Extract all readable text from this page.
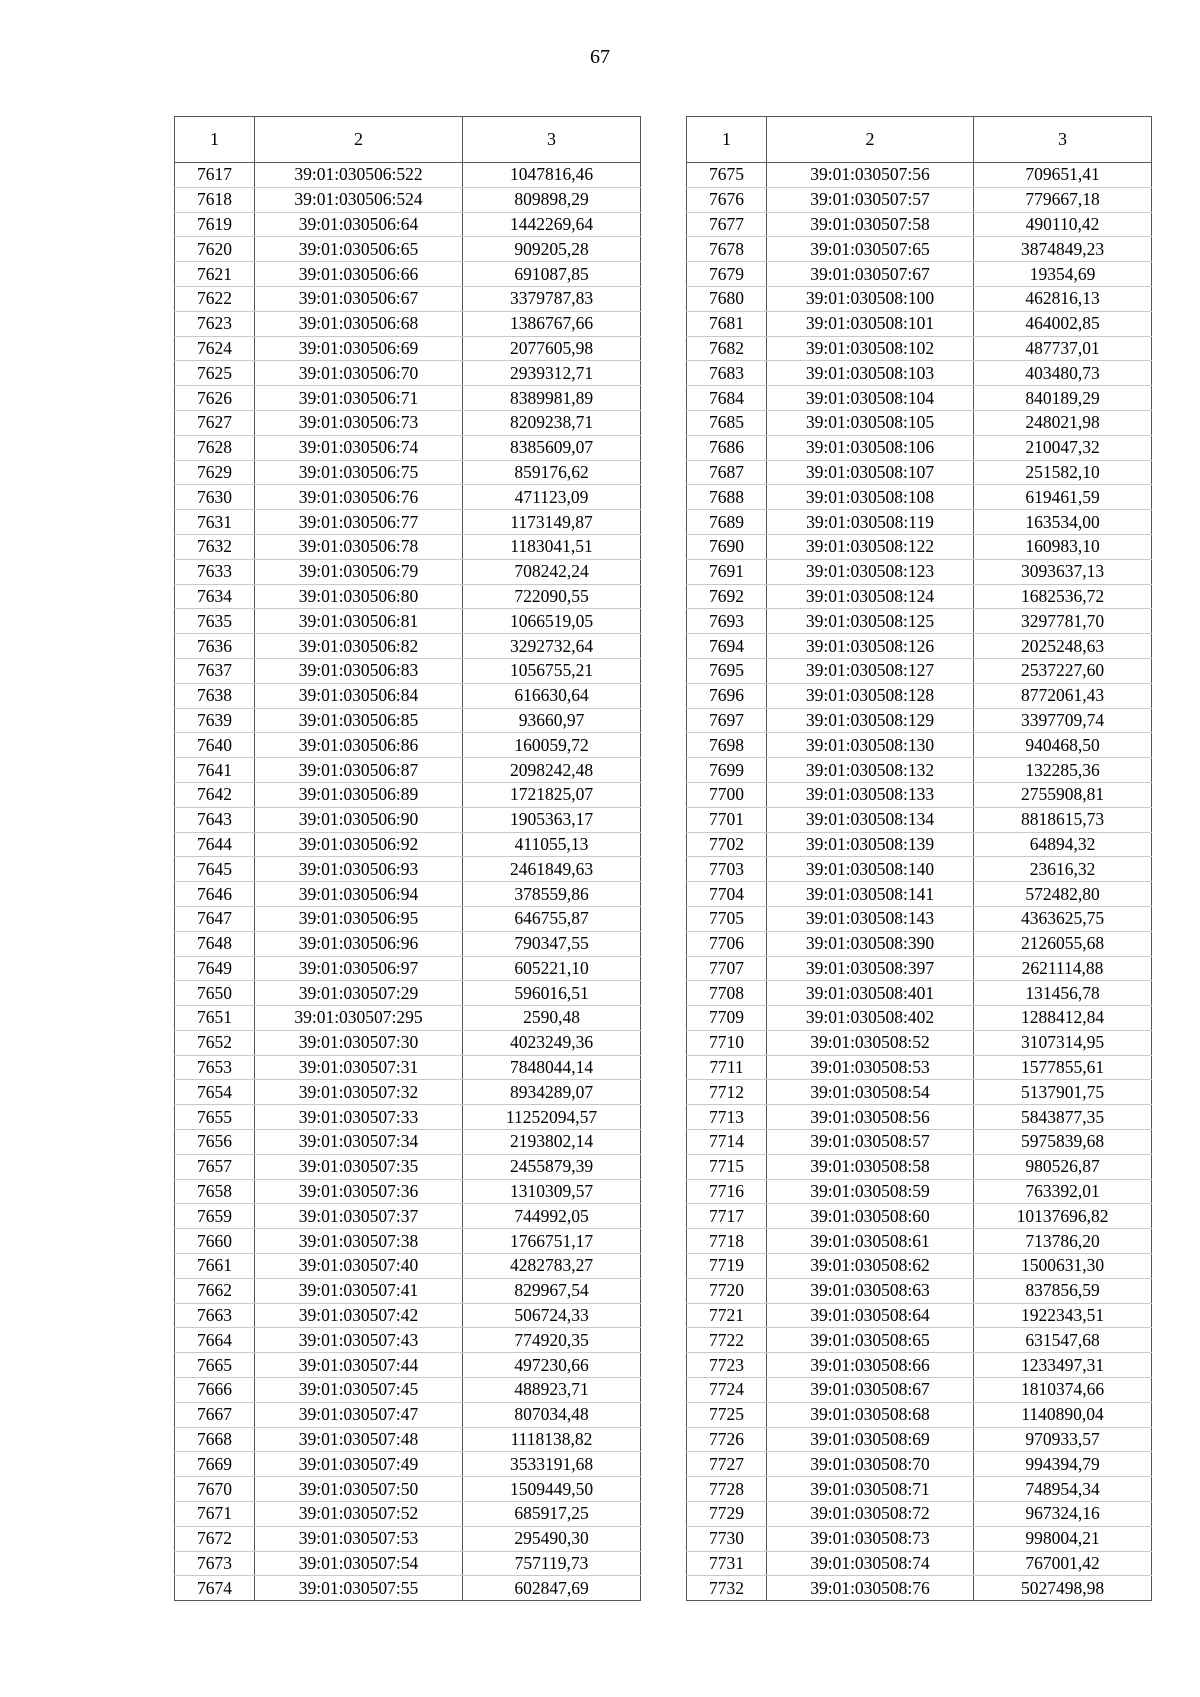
67
1	2	3
7617	39:01:030506:522	1047816,46
7618	39:01:030506:524	809898,29
7619	39:01:030506:64	1442269,64
7620	39:01:030506:65	909205,28
7621	39:01:030506:66	691087,85
7622	39:01:030506:67	3379787,83
7623	39:01:030506:68	1386767,66
7624	39:01:030506:69	2077605,98
7625	39:01:030506:70	2939312,71
7626	39:01:030506:71	8389981,89
7627	39:01:030506:73	8209238,71
7628	39:01:030506:74	8385609,07
7629	39:01:030506:75	859176,62
7630	39:01:030506:76	471123,09
7631	39:01:030506:77	1173149,87
7632	39:01:030506:78	1183041,51
7633	39:01:030506:79	708242,24
7634	39:01:030506:80	722090,55
7635	39:01:030506:81	1066519,05
7636	39:01:030506:82	3292732,64
7637	39:01:030506:83	1056755,21
7638	39:01:030506:84	616630,64
7639	39:01:030506:85	93660,97
7640	39:01:030506:86	160059,72
7641	39:01:030506:87	2098242,48
7642	39:01:030506:89	1721825,07
7643	39:01:030506:90	1905363,17
7644	39:01:030506:92	411055,13
7645	39:01:030506:93	2461849,63
7646	39:01:030506:94	378559,86
7647	39:01:030506:95	646755,87
7648	39:01:030506:96	790347,55
7649	39:01:030506:97	605221,10
7650	39:01:030507:29	596016,51
7651	39:01:030507:295	2590,48
7652	39:01:030507:30	4023249,36
7653	39:01:030507:31	7848044,14
7654	39:01:030507:32	8934289,07
7655	39:01:030507:33	11252094,57
7656	39:01:030507:34	2193802,14
7657	39:01:030507:35	2455879,39
7658	39:01:030507:36	1310309,57
7659	39:01:030507:37	744992,05
7660	39:01:030507:38	1766751,17
7661	39:01:030507:40	4282783,27
7662	39:01:030507:41	829967,54
7663	39:01:030507:42	506724,33
7664	39:01:030507:43	774920,35
7665	39:01:030507:44	497230,66
7666	39:01:030507:45	488923,71
7667	39:01:030507:47	807034,48
7668	39:01:030507:48	1118138,82
7669	39:01:030507:49	3533191,68
7670	39:01:030507:50	1509449,50
7671	39:01:030507:52	685917,25
7672	39:01:030507:53	295490,30
7673	39:01:030507:54	757119,73
7674	39:01:030507:55	602847,69
1	2	3
7675	39:01:030507:56	709651,41
7676	39:01:030507:57	779667,18
7677	39:01:030507:58	490110,42
7678	39:01:030507:65	3874849,23
7679	39:01:030507:67	19354,69
7680	39:01:030508:100	462816,13
7681	39:01:030508:101	464002,85
7682	39:01:030508:102	487737,01
7683	39:01:030508:103	403480,73
7684	39:01:030508:104	840189,29
7685	39:01:030508:105	248021,98
7686	39:01:030508:106	210047,32
7687	39:01:030508:107	251582,10
7688	39:01:030508:108	619461,59
7689	39:01:030508:119	163534,00
7690	39:01:030508:122	160983,10
7691	39:01:030508:123	3093637,13
7692	39:01:030508:124	1682536,72
7693	39:01:030508:125	3297781,70
7694	39:01:030508:126	2025248,63
7695	39:01:030508:127	2537227,60
7696	39:01:030508:128	8772061,43
7697	39:01:030508:129	3397709,74
7698	39:01:030508:130	940468,50
7699	39:01:030508:132	132285,36
7700	39:01:030508:133	2755908,81
7701	39:01:030508:134	8818615,73
7702	39:01:030508:139	64894,32
7703	39:01:030508:140	23616,32
7704	39:01:030508:141	572482,80
7705	39:01:030508:143	4363625,75
7706	39:01:030508:390	2126055,68
7707	39:01:030508:397	2621114,88
7708	39:01:030508:401	131456,78
7709	39:01:030508:402	1288412,84
7710	39:01:030508:52	3107314,95
7711	39:01:030508:53	1577855,61
7712	39:01:030508:54	5137901,75
7713	39:01:030508:56	5843877,35
7714	39:01:030508:57	5975839,68
7715	39:01:030508:58	980526,87
7716	39:01:030508:59	763392,01
7717	39:01:030508:60	10137696,82
7718	39:01:030508:61	713786,20
7719	39:01:030508:62	1500631,30
7720	39:01:030508:63	837856,59
7721	39:01:030508:64	1922343,51
7722	39:01:030508:65	631547,68
7723	39:01:030508:66	1233497,31
7724	39:01:030508:67	1810374,66
7725	39:01:030508:68	1140890,04
7726	39:01:030508:69	970933,57
7727	39:01:030508:70	994394,79
7728	39:01:030508:71	748954,34
7729	39:01:030508:72	967324,16
7730	39:01:030508:73	998004,21
7731	39:01:030508:74	767001,42
7732	39:01:030508:76	5027498,98
